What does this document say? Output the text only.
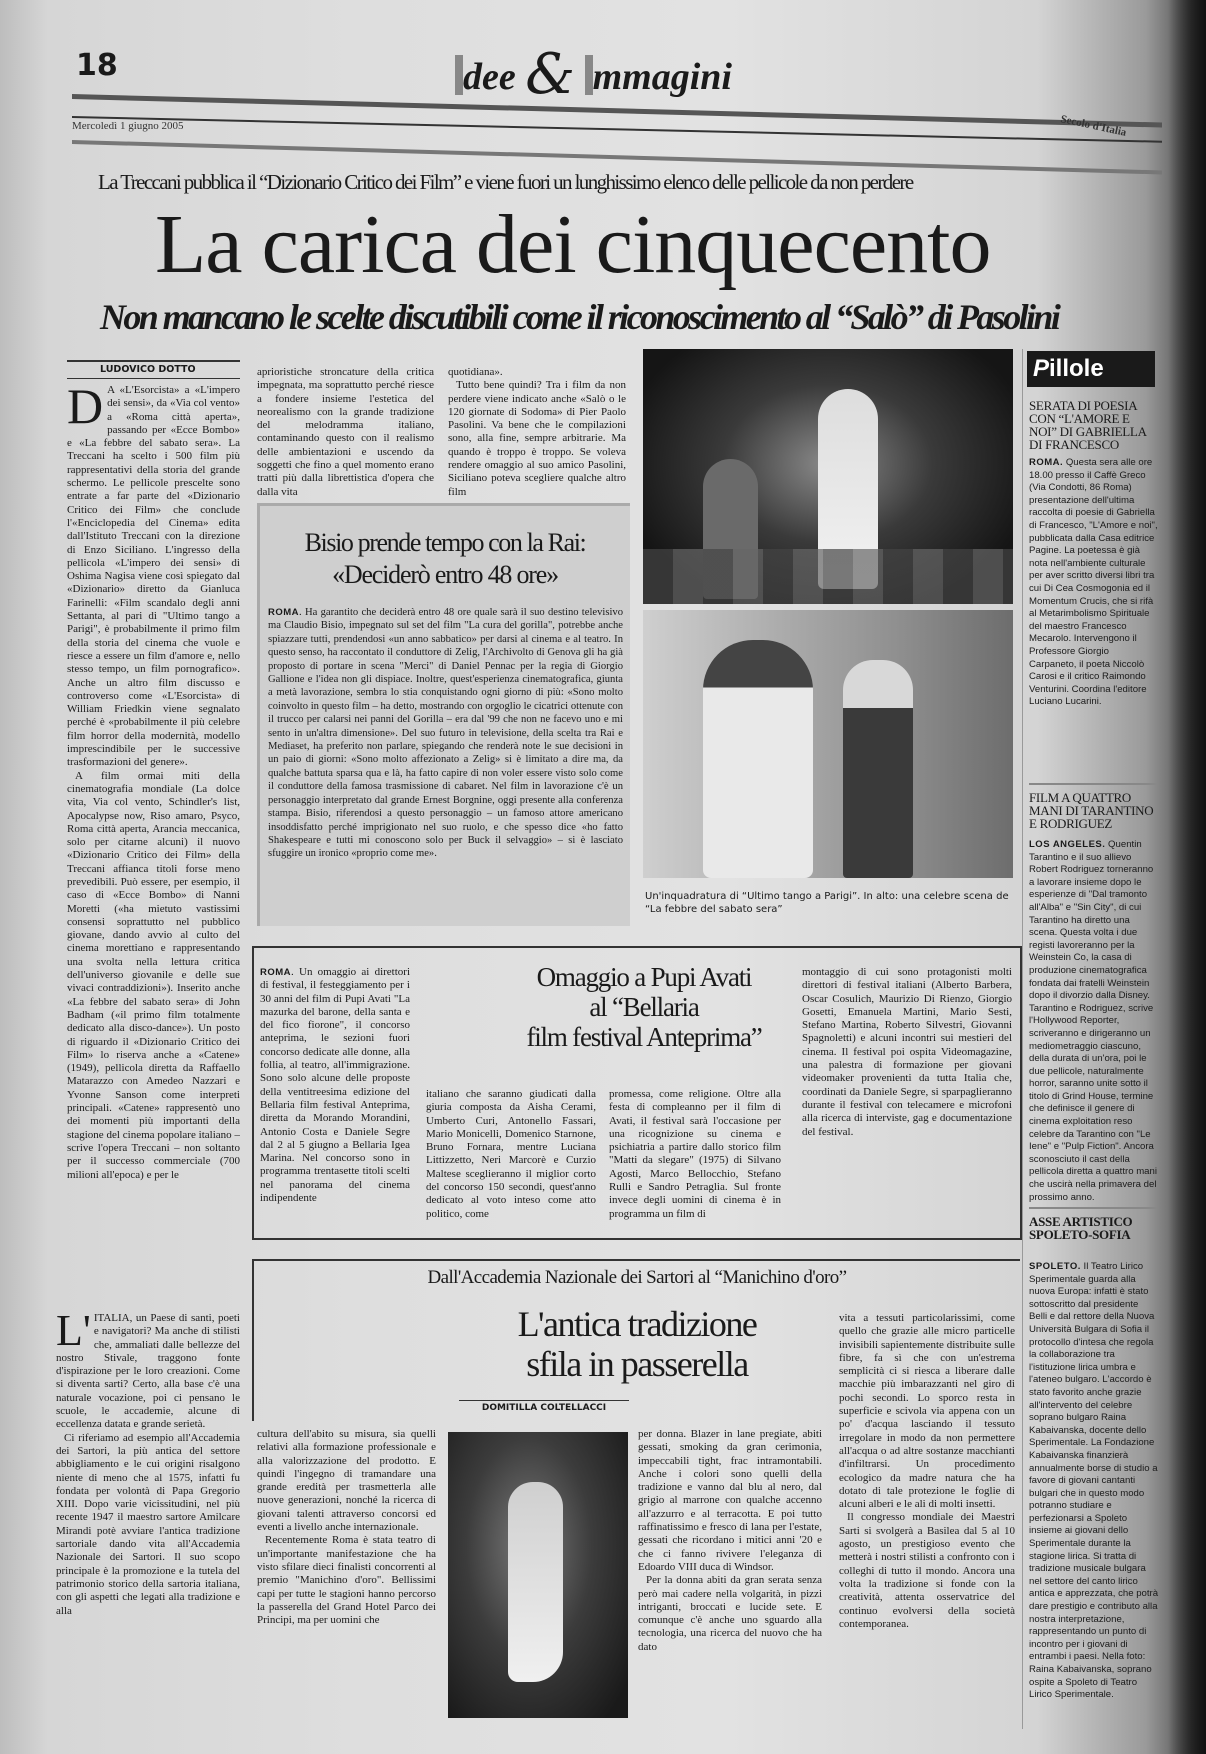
18	dee & mmagini
Mercoledì 1 giugno 2005	Secolo d'Italia
La Treccani pubblica il “Dizionario Critico dei Film” e viene fuori un lunghissimo elenco delle pellicole da non perdere
La carica dei cinquecento
Non mancano le scelte discutibili come il riconoscimento al “Salò” di Pasolini
LUDOVICO DOTTO
D A «L'Esorcista» a «L'impero dei sensi», da «Via col vento» a «Roma città aperta», passando per «Ecce Bombo» e «La febbre del sabato sera». La Treccani ha scelto i 500 film più rappresentativi della storia del grande schermo. Le pellicole prescelte sono entrate a far parte del «Dizionario Critico dei Film» che conclude l'«Enciclopedia del Cinema» edita dall'Istituto Treccani con la direzione di Enzo Siciliano. L'ingresso della pellicola «L'impero dei sensi» di Oshima Nagisa viene così spiegato dal «Dizionario» diretto da Gianluca Farinelli: «Film scandalo degli anni Settanta, al pari di "Ultimo tango a Parigi", è probabilmente il primo film della storia del cinema che vuole e riesce a essere un film d'amore e, nello stesso tempo, un film pornografico». Anche un altro film discusso e controverso come «L'Esorcista» di William Friedkin viene segnalato perché è «probabilmente il più celebre film horror della modernità, modello imprescindibile per le successive trasformazioni del genere».

A film ormai miti della cinematografia mondiale (La dolce vita, Via col vento, Schindler's list, Apocalypse now, Riso amaro, Psyco, Roma città aperta, Arancia meccanica, solo per citarne alcuni) il nuovo «Dizionario Critico dei Film» della Treccani affianca titoli forse meno prevedibili. Può essere, per esempio, il caso di «Ecce Bombo» di Nanni Moretti («ha mietuto vastissimi consensi soprattutto nel pubblico giovane, dando avvio al culto del cinema morettiano e rappresentando una svolta nella lettura critica dell'universo giovanile e delle sue vivaci contraddizioni»). Inserito anche «La febbre del sabato sera» di John Badham («il primo film totalmente dedicato alla disco-dance»). Un posto di riguardo il «Dizionario Critico dei Film» lo riserva anche a «Catene» (1949), pellicola diretta da Raffaello Matarazzo con Amedeo Nazzari e Yvonne Sanson come interpreti principali. «Catene» rappresentò uno dei momenti più importanti della stagione del cinema popolare italiano – scrive l'opera Treccani – non soltanto per il successo commerciale (700 milioni all'epoca) e per le

aprioristiche stroncature della critica impegnata, ma soprattutto perché riesce a fondere insieme l'estetica del neorealismo con la grande tradizione del melodramma italiano, contaminando questo con il realismo delle ambientazioni e uscendo da soggetti che fino a quel momento erano tratti più dalla librettistica d'opera che dalla vita

quotidiana».

Tutto bene quindi? Tra i film da non perdere viene indicato anche «Salò o le 120 giornate di Sodoma» di Pier Paolo Pasolini. Va bene che le compilazioni sono, alla fine, sempre arbitrarie. Ma quando è troppo è troppo. Se voleva rendere omaggio al suo amico Pasolini, Siciliano poteva scegliere qualche altro film

Bisio prende tempo con la Rai:
«Deciderò entro 48 ore»

ROMA. Ha garantito che deciderà entro 48 ore quale sarà il suo destino televisivo ma Claudio Bisio, impegnato sul set del film "La cura del gorilla", potrebbe anche spiazzare tutti, prendendosi «un anno sabbatico» per darsi al cinema e al teatro. In questo senso, ha raccontato il conduttore di Zelig, l'Archivolto di Genova gli ha già proposto di portare in scena "Merci" di Daniel Pennac per la regia di Giorgio Gallione e l'idea non gli dispiace. Inoltre, quest'esperienza cinematografica, giunta a metà lavorazione, sembra lo stia conquistando ogni giorno di più: «Sono molto coinvolto in questo film – ha detto, mostrando con orgoglio le cicatrici ottenute con il trucco per calarsi nei panni del Gorilla – era dal '99 che non ne facevo uno e mi sento in un'altra dimensione». Del suo futuro in televisione, della scelta tra Rai e Mediaset, ha preferito non parlare, spiegando che renderà note le sue decisioni in un paio di giorni: «Sono molto affezionato a Zelig» si è limitato a dire ma, da qualche battuta sparsa qua e là, ha fatto capire di non voler essere visto solo come il conduttore della famosa trasmissione di cabaret. Nel film in lavorazione c'è un personaggio interpretato dal grande Ernest Borgnine, oggi presente alla conferenza stampa. Bisio, riferendosi a questo personaggio – un famoso attore americano insoddisfatto perché imprigionato nel suo ruolo, e che spesso dice «ho fatto Shakespeare e tutti mi conoscono solo per Buck il selvaggio» – si è lasciato sfuggire un ironico «proprio come me».

Un'inquadratura di “Ultimo tango a Parigi”. In alto: una celebre scena de “La febbre del sabato sera”
Pillole
SERATA DI POESIA CON “L'AMORE E NOI” DI GABRIELLA DI FRANCESCO
ROMA. Questa sera alle ore 18.00 presso il Caffè Greco (Via Condotti, 86 Roma) presentazione dell'ultima raccolta di poesie di Gabriella di Francesco, "L'Amore e noi", pubblicata dalla Casa editrice Pagine. La poetessa è già nota nell'ambiente culturale per aver scritto diversi libri tra cui Di Cea Cosmogonia ed il Momentum Crucis, che si rifà al Metarimbolismo Spirituale del maestro Francesco Mecarolo. Intervengono il Professore Giorgio Carpaneto, il poeta Niccolò Carosi e il critico Raimondo Venturini. Coordina l'editore Luciano Lucarini.
FILM A QUATTRO MANI DI TARANTINO E RODRIGUEZ
LOS ANGELES. Quentin Tarantino e il suo allievo Robert Rodriguez torneranno a lavorare insieme dopo le esperienze di "Dal tramonto all'Alba" e "Sin City", di cui Tarantino ha diretto una scena. Questa volta i due registi lavoreranno per la Weinstein Co, la casa di produzione cinematografica fondata dai fratelli Weinstein dopo il divorzio dalla Disney. Tarantino e Rodriguez, scrive l'Hollywood Reporter, scriveranno e dirigeranno un mediometraggio ciascuno, della durata di un'ora, poi le due pellicole, naturalmente horror, saranno unite sotto il titolo di Grind House, termine che definisce il genere di cinema exploitation reso celebre da Tarantino con "Le Iene" e "Pulp Fiction". Ancora sconosciuto il cast della pellicola diretta a quattro mani che uscirà nella primavera del prossimo anno.
ASSE ARTISTICO SPOLETO-SOFIA
SPOLETO. Il Teatro Lirico Sperimentale guarda alla nuova Europa: infatti è stato sottoscritto dal presidente Belli e dal rettore della Nuova Università Bulgara di Sofia il protocollo d'intesa che regola la collaborazione tra l'istituzione lirica umbra e l'ateneo bulgaro. L'accordo è stato favorito anche grazie all'intervento del celebre soprano bulgaro Raina Kabaivanska, docente dello Sperimentale. La Fondazione Kabaivanska finanzierà annualmente borse di studio a favore di giovani cantanti bulgari che in questo modo potranno studiare e perfezionarsi a Spoleto insieme ai giovani dello Sperimentale durante la stagione lirica. Si tratta di tradizione musicale bulgara nel settore del canto lirico antica e apprezzata, che potrà dare prestigio e contributo alla nostra interpretazione, rappresentando un punto di incontro per i giovani di entrambi i paesi. Nella foto: Raina Kabaivanska, soprano ospite a Spoleto di Teatro Lirico Sperimentale.

ROMA. Un omaggio ai direttori di festival, il festeggiamento per i 30 anni del film di Pupi Avati "La mazurka del barone, della santa e del fico fiorone", il concorso anteprima, le sezioni fuori concorso dedicate alle donne, alla follia, al teatro, all'immigrazione. Sono solo alcune delle proposte della ventitreesima edizione del Bellaria film festival Anteprima, diretta da Morando Morandini, Antonio Costa e Daniele Segre dal 2 al 5 giugno a Bellaria Igea Marina. Nel concorso sono in programma trentasette titoli scelti nel panorama del cinema indipendente

Omaggio a Pupi Avati
al “Bellaria
film festival Anteprima”

italiano che saranno giudicati dalla giuria composta da Aisha Cerami, Umberto Curi, Antonello Fassari, Mario Monicelli, Domenico Starnone, Bruno Fornara, mentre Luciana Littizzetto, Neri Marcorè e Curzio Maltese sceglieranno il miglior corto del concorso 150 secondi, quest'anno dedicato al voto inteso come atto politico, come

promessa, come religione. Oltre alla festa di compleanno per il film di Avati, il festival sarà l'occasione per una ricognizione su cinema e psichiatria a partire dallo storico film "Matti da slegare" (1975) di Silvano Agosti, Marco Bellocchio, Stefano Rulli e Sandro Petraglia. Sul fronte invece degli uomini di cinema è in programma un film di

montaggio di cui sono protagonisti molti direttori di festival italiani (Alberto Barbera, Oscar Cosulich, Maurizio Di Rienzo, Giorgio Gosetti, Emanuela Martini, Mario Sesti, Stefano Martina, Roberto Silvestri, Giovanni Spagnoletti) e alcuni incontri sui mestieri del cinema. Il festival poi ospita Videomagazine, una palestra di formazione per giovani videomaker provenienti da tutta Italia che, coordinati da Daniele Segre, si sparpaglieranno durante il festival con telecamere e microfoni alla ricerca di interviste, gag e documentazione del festival.

Dall'Accademia Nazionale dei Sartori al “Manichino d'oro”
L'antica tradizione
sfila in passerella
DOMITILLA COLTELLACCI
L' ITALIA, un Paese di santi, poeti e navigatori? Ma anche di stilisti che, ammaliati dalle bellezze del nostro Stivale, traggono fonte d'ispirazione per le loro creazioni. Come si diventa sarti? Certo, alla base c'è una naturale vocazione, poi ci pensano le scuole, le accademie, alcune di eccellenza datata e grande serietà.

Ci riferiamo ad esempio all'Accademia dei Sartori, la più antica del settore abbigliamento e le cui origini risalgono niente di meno che al 1575, infatti fu fondata per volontà di Papa Gregorio XIII. Dopo varie vicissitudini, nel più recente 1947 il maestro sartore Amilcare Mirandi potè avviare l'antica tradizione sartoriale dando vita all'Accademia Nazionale dei Sartori. Il suo scopo principale è la promozione e la tutela del patrimonio storico della sartoria italiana, con gli aspetti che legati alla tradizione e alla

cultura dell'abito su misura, sia quelli relativi alla formazione professionale e alla valorizzazione del prodotto. E quindi l'ingegno di tramandare una grande eredità per trasmetterla alle nuove generazioni, nonché la ricerca di giovani talenti attraverso concorsi ed eventi a livello anche internazionale.

Recentemente Roma è stata teatro di un'importante manifestazione che ha visto sfilare dieci finalisti concorrenti al premio "Manichino d'oro". Bellissimi capi per tutte le stagioni hanno percorso la passerella del Grand Hotel Parco dei Principi, ma per uomini che

per donna. Blazer in lane pregiate, abiti gessati, smoking da gran cerimonia, impeccabili tight, frac intramontabili. Anche i colori sono quelli della tradizione e vanno dal blu al nero, dal grigio al marrone con qualche accenno all'azzurro e al terracotta. E poi tutto raffinatissimo e fresco di lana per l'estate, gessati che ricordano i mitici anni '20 e che ci fanno rivivere l'eleganza di Edoardo VIII duca di Windsor.

Per la donna abiti da gran serata senza però mai cadere nella volgarità, in pizzi intriganti, broccati e lucide sete. E comunque c'è anche uno sguardo alla tecnologia, una ricerca del nuovo che ha dato

vita a tessuti particolarissimi, come quello che grazie alle micro particelle invisibili sapientemente distribuite sulle fibre, fa sì che con un'estrema semplicità ci si riesca a liberare dalle macchie più imbarazzanti nel giro di pochi secondi. Lo sporco resta in superficie e scivola via appena con un po' d'acqua lasciando il tessuto irregolare in modo da non permettere all'acqua o ad altre sostanze macchianti d'infiltrarsi. Un procedimento ecologico da madre natura che ha dotato di tale protezione le foglie di alcuni alberi e le ali di molti insetti.

Il congresso mondiale dei Maestri Sarti si svolgerà a Basilea dal 5 al 10 agosto, un prestigioso evento che metterà i nostri stilisti a confronto con i colleghi di tutto il mondo. Ancora una volta la tradizione si fonde con la creatività, attenta osservatrice del continuo evolversi della società contemporanea.
